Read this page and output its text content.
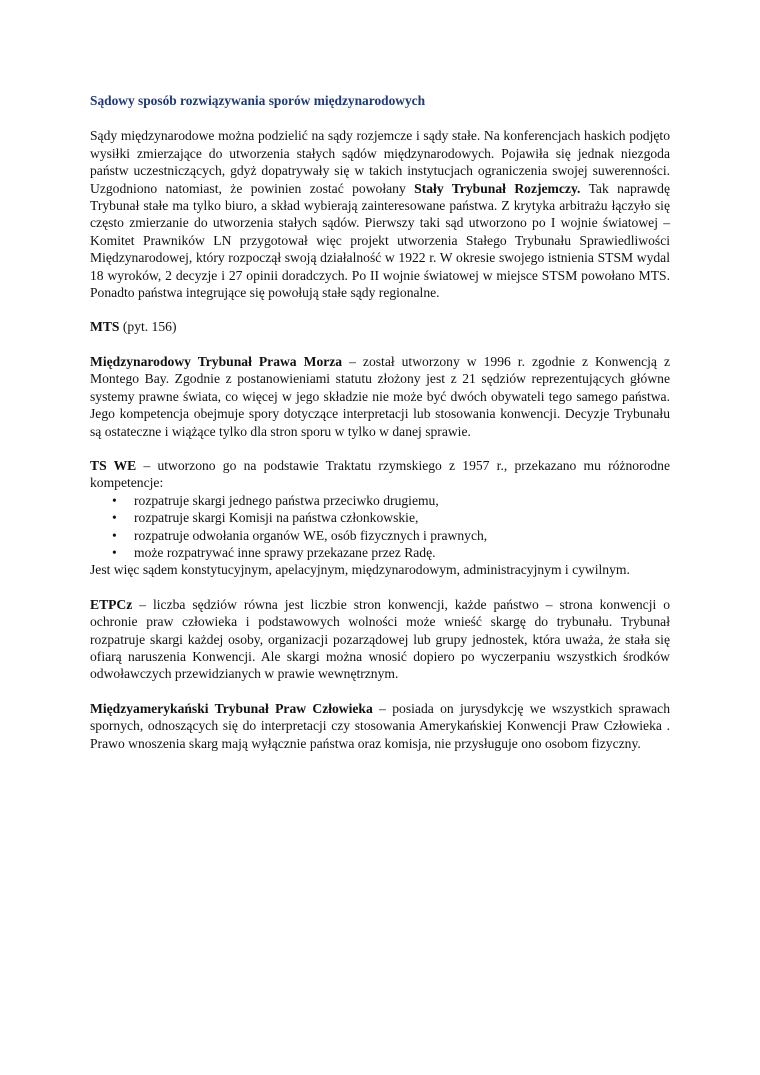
Sądowy sposób rozwiązywania sporów międzynarodowych

Sądy międzynarodowe można podzielić na sądy rozjemcze i sądy stałe. Na konferencjach haskich podjęto wysiłki zmierzające do utworzenia stałych sądów międzynarodowych. Pojawiła się jednak niezgoda państw uczestniczących, gdyż dopatrywały się w takich instytucjach ograniczenia swojej suwerenności. Uzgodniono natomiast, że powinien zostać powołany Stały Trybunał Rozjemczy. Tak naprawdę Trybunał stałe ma tylko biuro, a skład wybierają zainteresowane państwa. Z krytyka arbitrażu łączyło się często zmierzanie do utworzenia stałych sądów. Pierwszy taki sąd utworzono po I wojnie światowej – Komitet Prawników LN przygotował więc projekt utworzenia Stałego Trybunału Sprawiedliwości Międzynarodowej, który rozpoczął swoją działalność w 1922 r. W okresie swojego istnienia STSM wydal 18 wyroków, 2 decyzje i 27 opinii doradczych. Po II wojnie światowej w miejsce STSM powołano MTS. Ponadto państwa integrujące się powołują stałe sądy regionalne.

MTS (pyt. 156)

Międzynarodowy Trybunał Prawa Morza – został utworzony w 1996 r. zgodnie z Konwencją z Montego Bay. Zgodnie z postanowieniami statutu złożony jest z 21 sędziów reprezentujących główne systemy prawne świata, co więcej w jego składzie nie może być dwóch obywateli tego samego państwa. Jego kompetencja obejmuje spory dotyczące interpretacji lub stosowania konwencji. Decyzje Trybunału są ostateczne i wiążące tylko dla stron sporu w tylko w danej sprawie.

TS WE – utworzono go na podstawie Traktatu rzymskiego z 1957 r., przekazano mu różnorodne kompetencje:

• rozpatruje skargi jednego państwa przeciwko drugiemu,
• rozpatruje skargi Komisji na państwa członkowskie,
• rozpatruje odwołania organów WE, osób fizycznych i prawnych,
• może rozpatrywać inne sprawy przekazane przez Radę.

Jest więc sądem konstytucyjnym, apelacyjnym, międzynarodowym, administracyjnym i cywilnym.

ETPCz – liczba sędziów równa jest liczbie stron konwencji, każde państwo – strona konwencji o ochronie praw człowieka i podstawowych wolności może wnieść skargę do trybunału. Trybunał rozpatruje skargi każdej osoby, organizacji pozarządowej lub grupy jednostek, która uważa, że stała się ofiarą naruszenia Konwencji. Ale skargi można wnosić dopiero po wyczerpaniu wszystkich środków odwoławczych przewidzianych w prawie wewnętrznym.

Międzyamerykański Trybunał Praw Człowieka – posiada on jurysdykcję we wszystkich sprawach spornych, odnoszących się do interpretacji czy stosowania Amerykańskiej Konwencji Praw Człowieka . Prawo wnoszenia skarg mają wyłącznie państwa oraz komisja, nie przysługuje ono osobom fizyczny.
